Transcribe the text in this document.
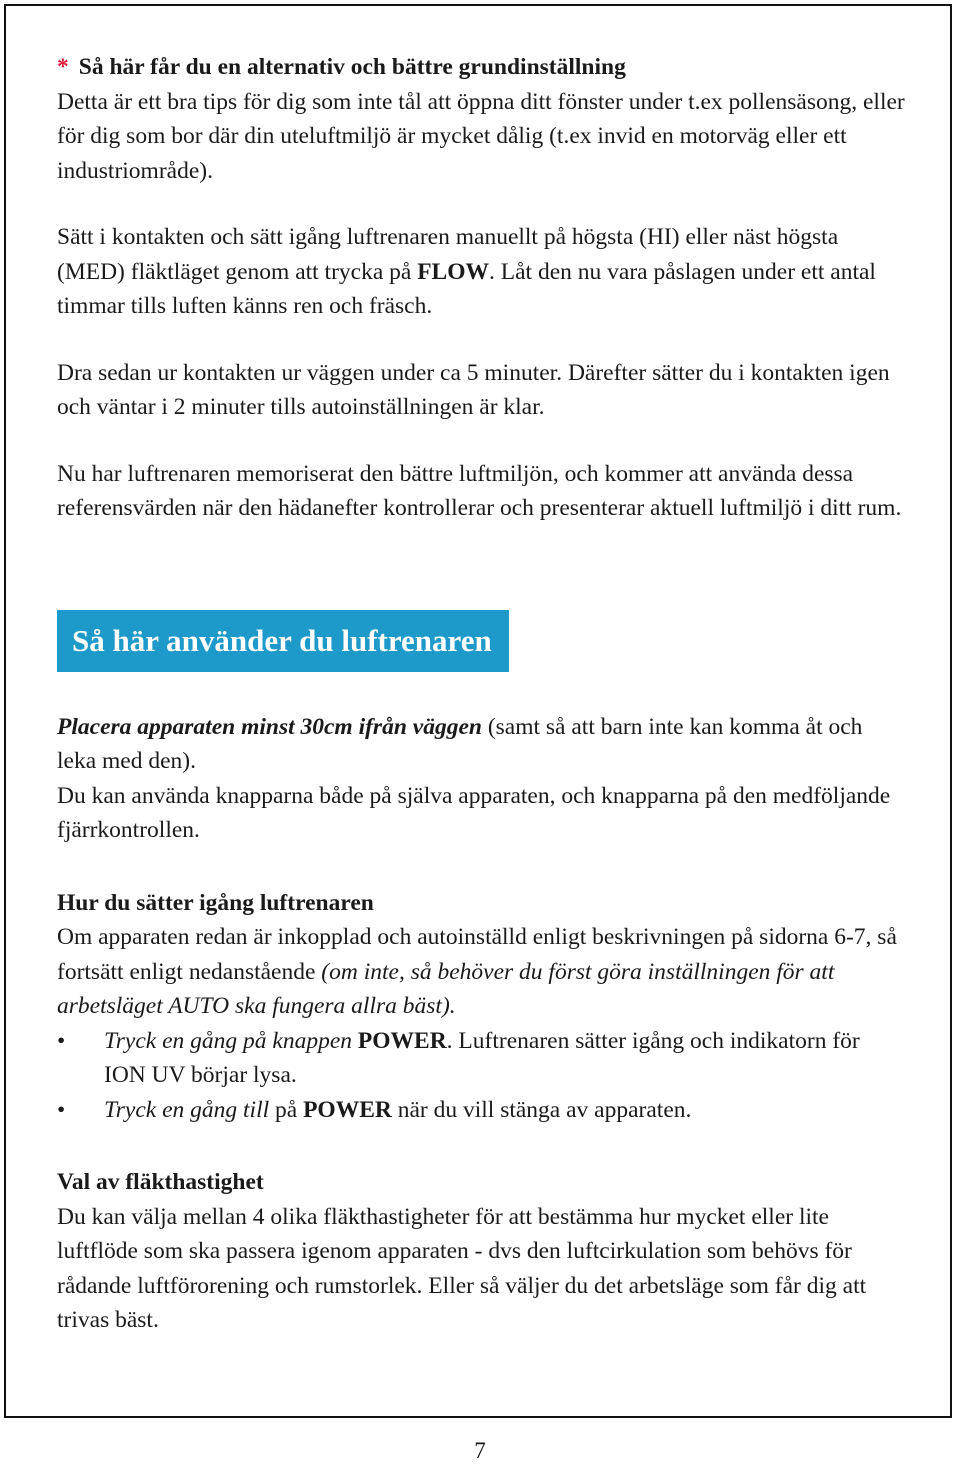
* Så här får du en alternativ och bättre grundinställning

Detta är ett bra tips för dig som inte tål att öppna ditt fönster under t.ex pollensäsong, eller för dig som bor där din uteluftmiljö är mycket dålig (t.ex invid en motorväg eller ett industriområde).

Sätt i kontakten och sätt igång luftrenaren manuellt på högsta (HI) eller näst högsta (MED) fläktläget genom att trycka på FLOW. Låt den nu vara påslagen under ett antal timmar tills luften känns ren och fräsch.

Dra sedan ur kontakten ur väggen under ca 5 minuter. Därefter sätter du i kontakten igen och väntar i 2 minuter tills autoinställningen är klar.

Nu har luftrenaren memoriserat den bättre luftmiljön, och kommer att använda dessa referensvärden när den hädanefter kontrollerar och presenterar aktuell luftmiljö i ditt rum.

Så här använder du luftrenaren

Placera apparaten minst 30cm ifrån väggen (samt så att barn inte kan komma åt och leka med den).

Du kan använda knapparna både på själva apparaten, och knapparna på den medföljande fjärrkontrollen.

Hur du sätter igång luftrenaren

Om apparaten redan är inkopplad och autoinställd enligt beskrivningen på sidorna 6-7, så fortsätt enligt nedanstående (om inte, så behöver du först göra inställningen för att arbetsläget AUTO ska fungera allra bäst).

• Tryck en gång på knappen POWER. Luftrenaren sätter igång och indikatorn för ION UV börjar lysa.
• Tryck en gång till på POWER när du vill stänga av apparaten.

Val av fläkthastighet

Du kan välja mellan 4 olika fläkthastigheter för att bestämma hur mycket eller lite luftflöde som ska passera igenom apparaten - dvs den luftcirkulation som behövs för rådande luftförorening och rumstorlek. Eller så väljer du det arbetsläge som får dig att trivas bäst.

7
